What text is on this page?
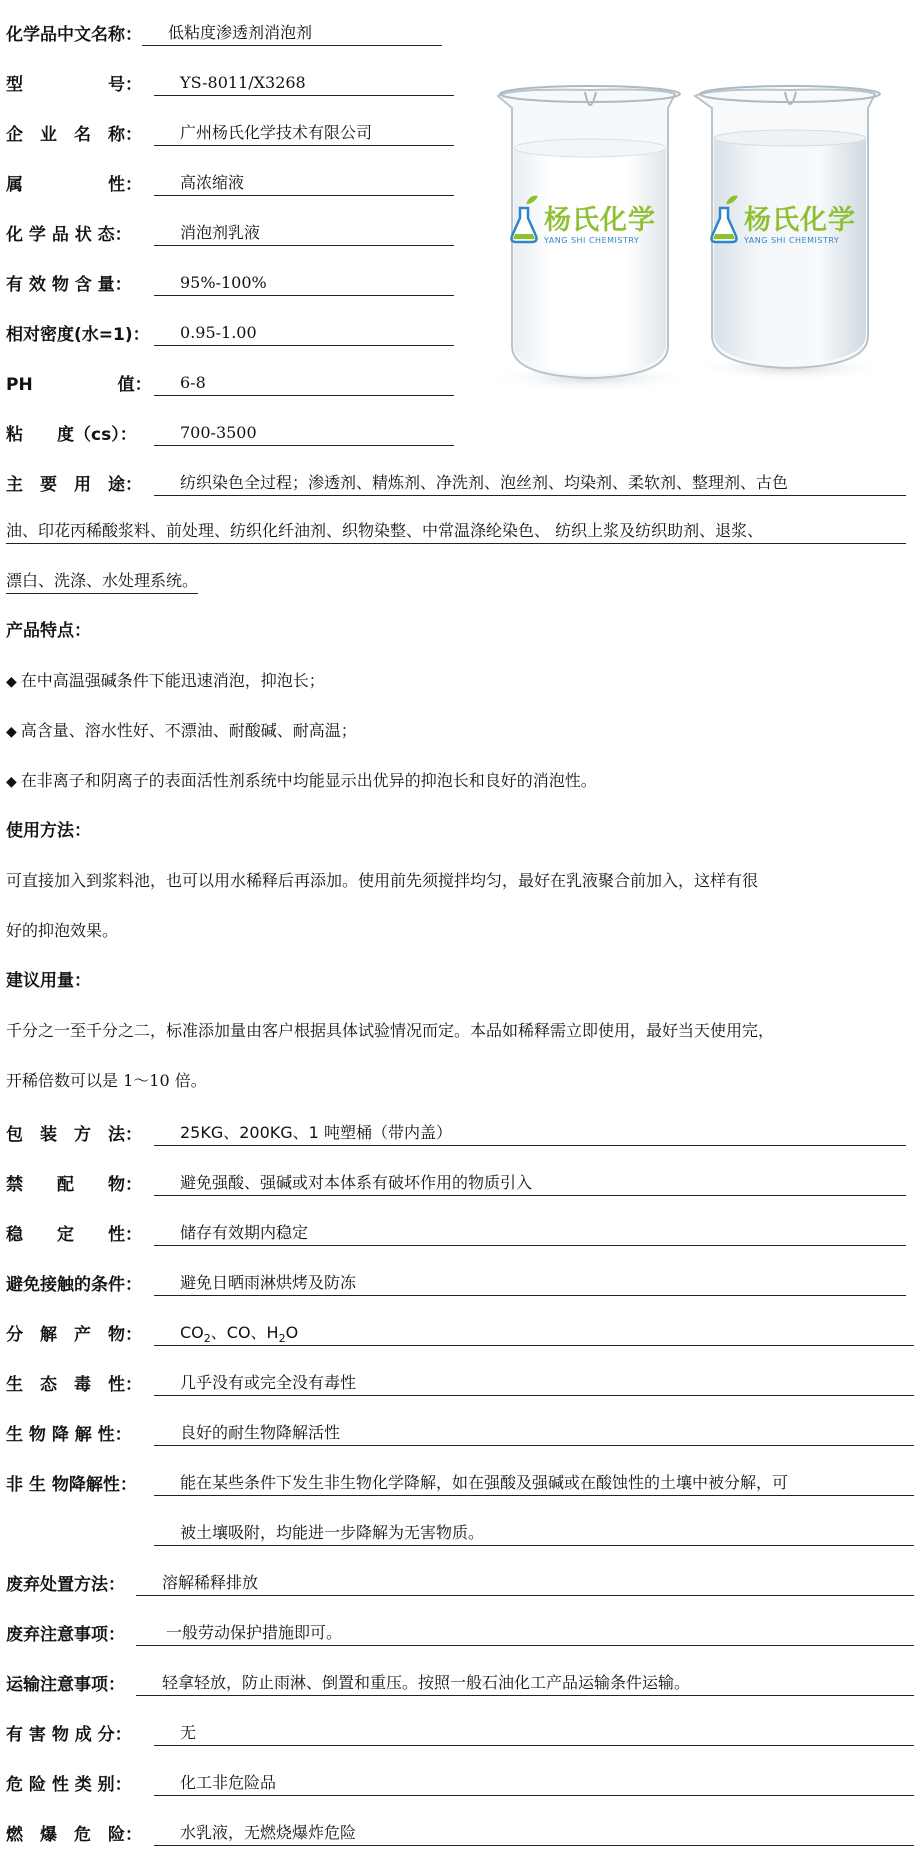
化学品中文名称：	低粘度渗透剂消泡剂
型　　　　　号：	YS-8011/X3268
企　业　名　称：	广州杨氏化学技术有限公司
属　　　　　性：	高浓缩液
化 学 品 状 态：	消泡剂乳液
有 效 物 含 量：	95%-100%
相对密度(水=1)：	0.95-1.00
PH　　　　　值：	6-8
粘　　度（cs）：	700-3500
杨氏化学
YANG SHI CHEMISTRY
杨氏化学
YANG SHI CHEMISTRY
主　要　用　途：	纺织染色全过程；渗透剂、精炼剂、净洗剂、泡丝剂、均染剂、柔软剂、整理剂、古色
油、印花丙稀酸浆料、前处理、纺织化纤油剂、织物染整、中常温涤纶染色、 纺织上浆及纺织助剂、退浆、
漂白、洗涤、水处理系统。
产品特点：
◆ 在中高温强碱条件下能迅速消泡，抑泡长；
◆ 高含量、溶水性好、不漂油、耐酸碱、耐高温；
◆ 在非离子和阴离子的表面活性剂系统中均能显示出优异的抑泡长和良好的消泡性。
使用方法：
可直接加入到浆料池，也可以用水稀释后再添加。使用前先须搅拌均匀，最好在乳液聚合前加入，这样有很
好的抑泡效果。
建议用量：
千分之一至千分之二，标准添加量由客户根据具体试验情况而定。本品如稀释需立即使用，最好当天使用完，
开稀倍数可以是 1～10 倍。
包　装　方　法：	25KG、200KG、1 吨塑桶（带内盖）
禁　　配　　物：	避免强酸、强碱或对本体系有破坏作用的物质引入
稳　　定　　性：	储存有效期内稳定
避免接触的条件：	避免日晒雨淋烘烤及防冻
分　解　产　物：	$CO_2$、CO、$H_2O$
生　态　毒　性：	几乎没有或完全没有毒性
生 物 降 解 性：	良好的耐生物降解活性
非 生 物降解性：	能在某些条件下发生非生物化学降解，如在强酸及强碱或在酸蚀性的土壤中被分解，可
被土壤吸附，均能进一步降解为无害物质。
废弃处置方法：	溶解稀释排放
废弃注意事项：	一般劳动保护措施即可。
运输注意事项：	轻拿轻放，防止雨淋、倒置和重压。按照一般石油化工产品运输条件运输。
有 害 物 成 分：	无
危 险 性 类 别：	化工非危险品
燃　爆　危　险：	水乳液，无燃烧爆炸危险
